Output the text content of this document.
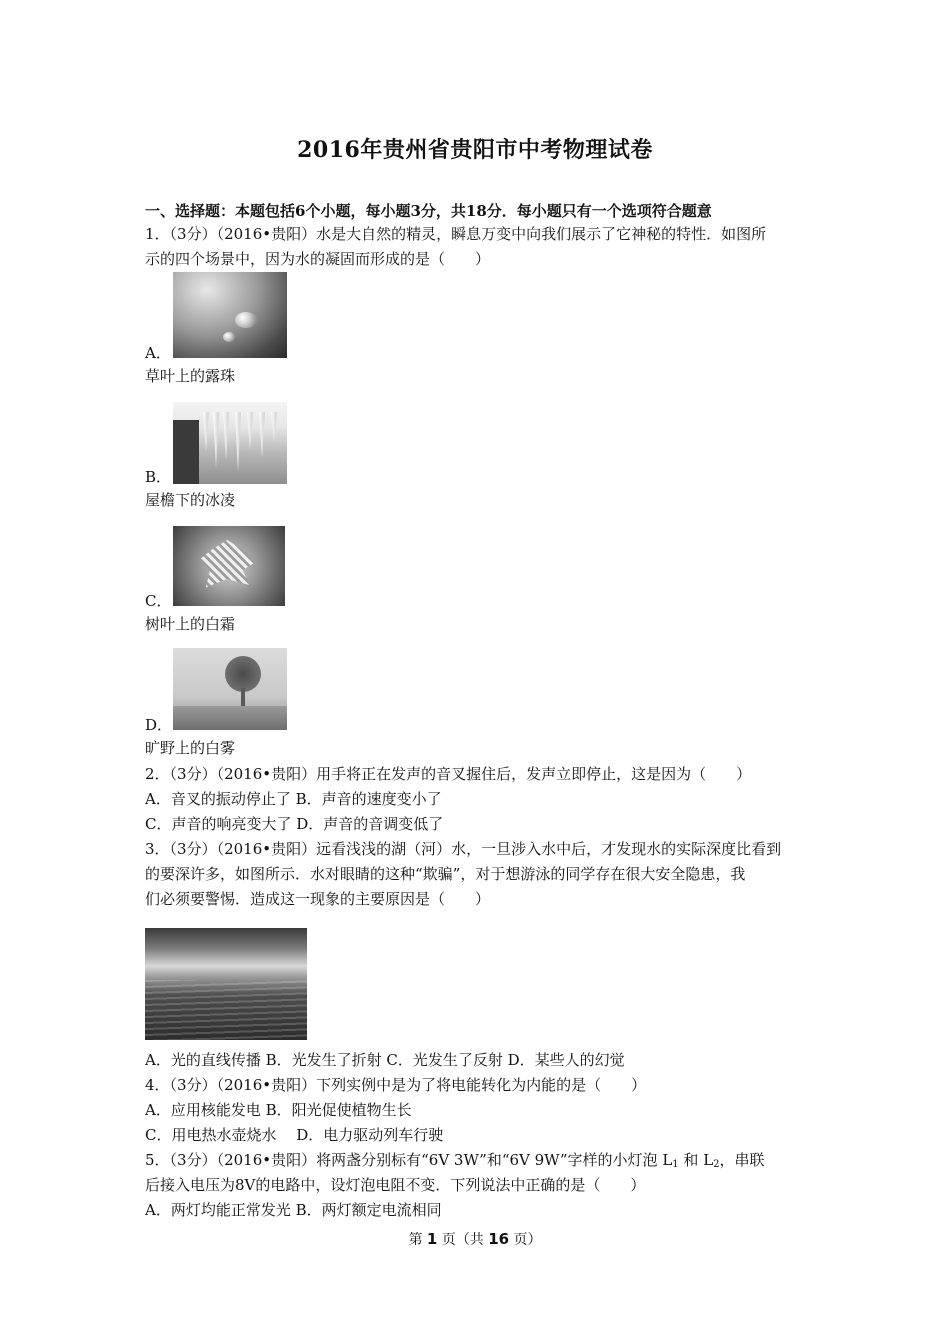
2016年贵州省贵阳市中考物理试卷
一、选择题：本题包括6个小题，每小题3分，共18分．每小题只有一个选项符合题意
1．（3分）（2016•贵阳）水是大自然的精灵，瞬息万变中向我们展示了它神秘的特性．如图所
示的四个场景中，因为水的凝固而形成的是（　　）
A．
草叶上的露珠
B．
屋檐下的冰凌
C．
树叶上的白霜
D．
旷野上的白雾
2．（3分）（2016•贵阳）用手将正在发声的音叉握住后，发声立即停止，这是因为（　　）
A．音叉的振动停止了 B．声音的速度变小了
C．声音的响亮变大了 D．声音的音调变低了
3．（3分）（2016•贵阳）远看浅浅的湖（河）水，一旦涉入水中后，才发现水的实际深度比看到
的要深许多，如图所示．水对眼睛的这种“欺骗”，对于想游泳的同学存在很大安全隐患，我
们必须要警惕．造成这一现象的主要原因是（　　）
A．光的直线传播 B．光发生了折射 C．光发生了反射 D．某些人的幻觉
4．（3分）（2016•贵阳）下列实例中是为了将电能转化为内能的是（　　）
A．应用核能发电 B．阳光促使植物生长
C．用电热水壶烧水　 D．电力驱动列车行驶
5．（3分）（2016•贵阳）将两盏分别标有“6V 3W”和“6V 9W”字样的小灯泡 $L_1$ 和 $L_2$，串联
后接入电压为8V的电路中，设灯泡电阻不变．下列说法中正确的是（　　）
A．两灯均能正常发光 B．两灯额定电流相同
第 1 页（共 16 页）
